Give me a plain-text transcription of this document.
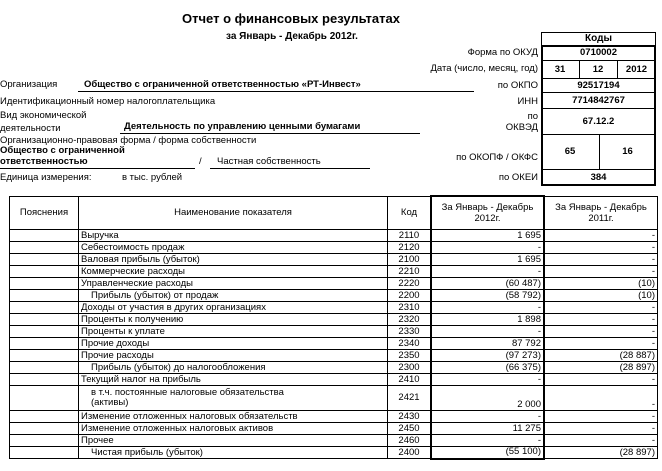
Отчет о финансовых результатах
за Январь - Декабрь 2012г.	Коды
Форма по ОКУД	0710002
Дата (число, месяц, год)	31	12	2012
по ОКПО	92517194
ИНН	7714842767
по
ОКВЭД
67.12.2
по ОКОПФ / ОКФС
65	16
по ОКЕИ	384
Организация	Общество с ограниченной ответственностью «РТ-Инвест»
Идентификационный номер налогоплательщика
Вид экономической
деятельности	Деятельность по управлению ценными бумагами
Организационно-правовая форма / форма собственности
Общество с ограниченной
ответственностью	/ Частная собственность
Единица измерения:	в тыс. рублей
Пояснения	Наименование показателя	Код	За Январь - Декабрь
2012г.	За Январь - Декабрь
2011г.
	Выручка	2110	1 695	-
	Себестоимость продаж	2120	-	-
	Валовая прибыль (убыток)	2100	1 695	-
	Коммерческие расходы	2210	-	-
	Управленческие расходы	2220	(60 487)	(10)
	Прибыль (убыток) от продаж	2200	(58 792)	(10)
	Доходы от участия в других организациях	2310	-	-
	Проценты к получению	2320	1 898	-
	Проценты к уплате	2330	-	-
	Прочие доходы	2340	87 792	-
	Прочие расходы	2350	(97 273)	(28 887)
	Прибыль (убыток) до налогообложения	2300	(66 375)	(28 897)
	Текущий налог на прибыль	2410	-	-
	в т.ч. постоянные налоговые обязательства
(активы)	2421	2 000	-
	Изменение отложенных налоговых обязательств	2430	-	-
	Изменение отложенных налоговых активов	2450	11 275	-
	Прочее	2460	-	-
	Чистая прибыль (убыток)	2400	(55 100)	(28 897)
